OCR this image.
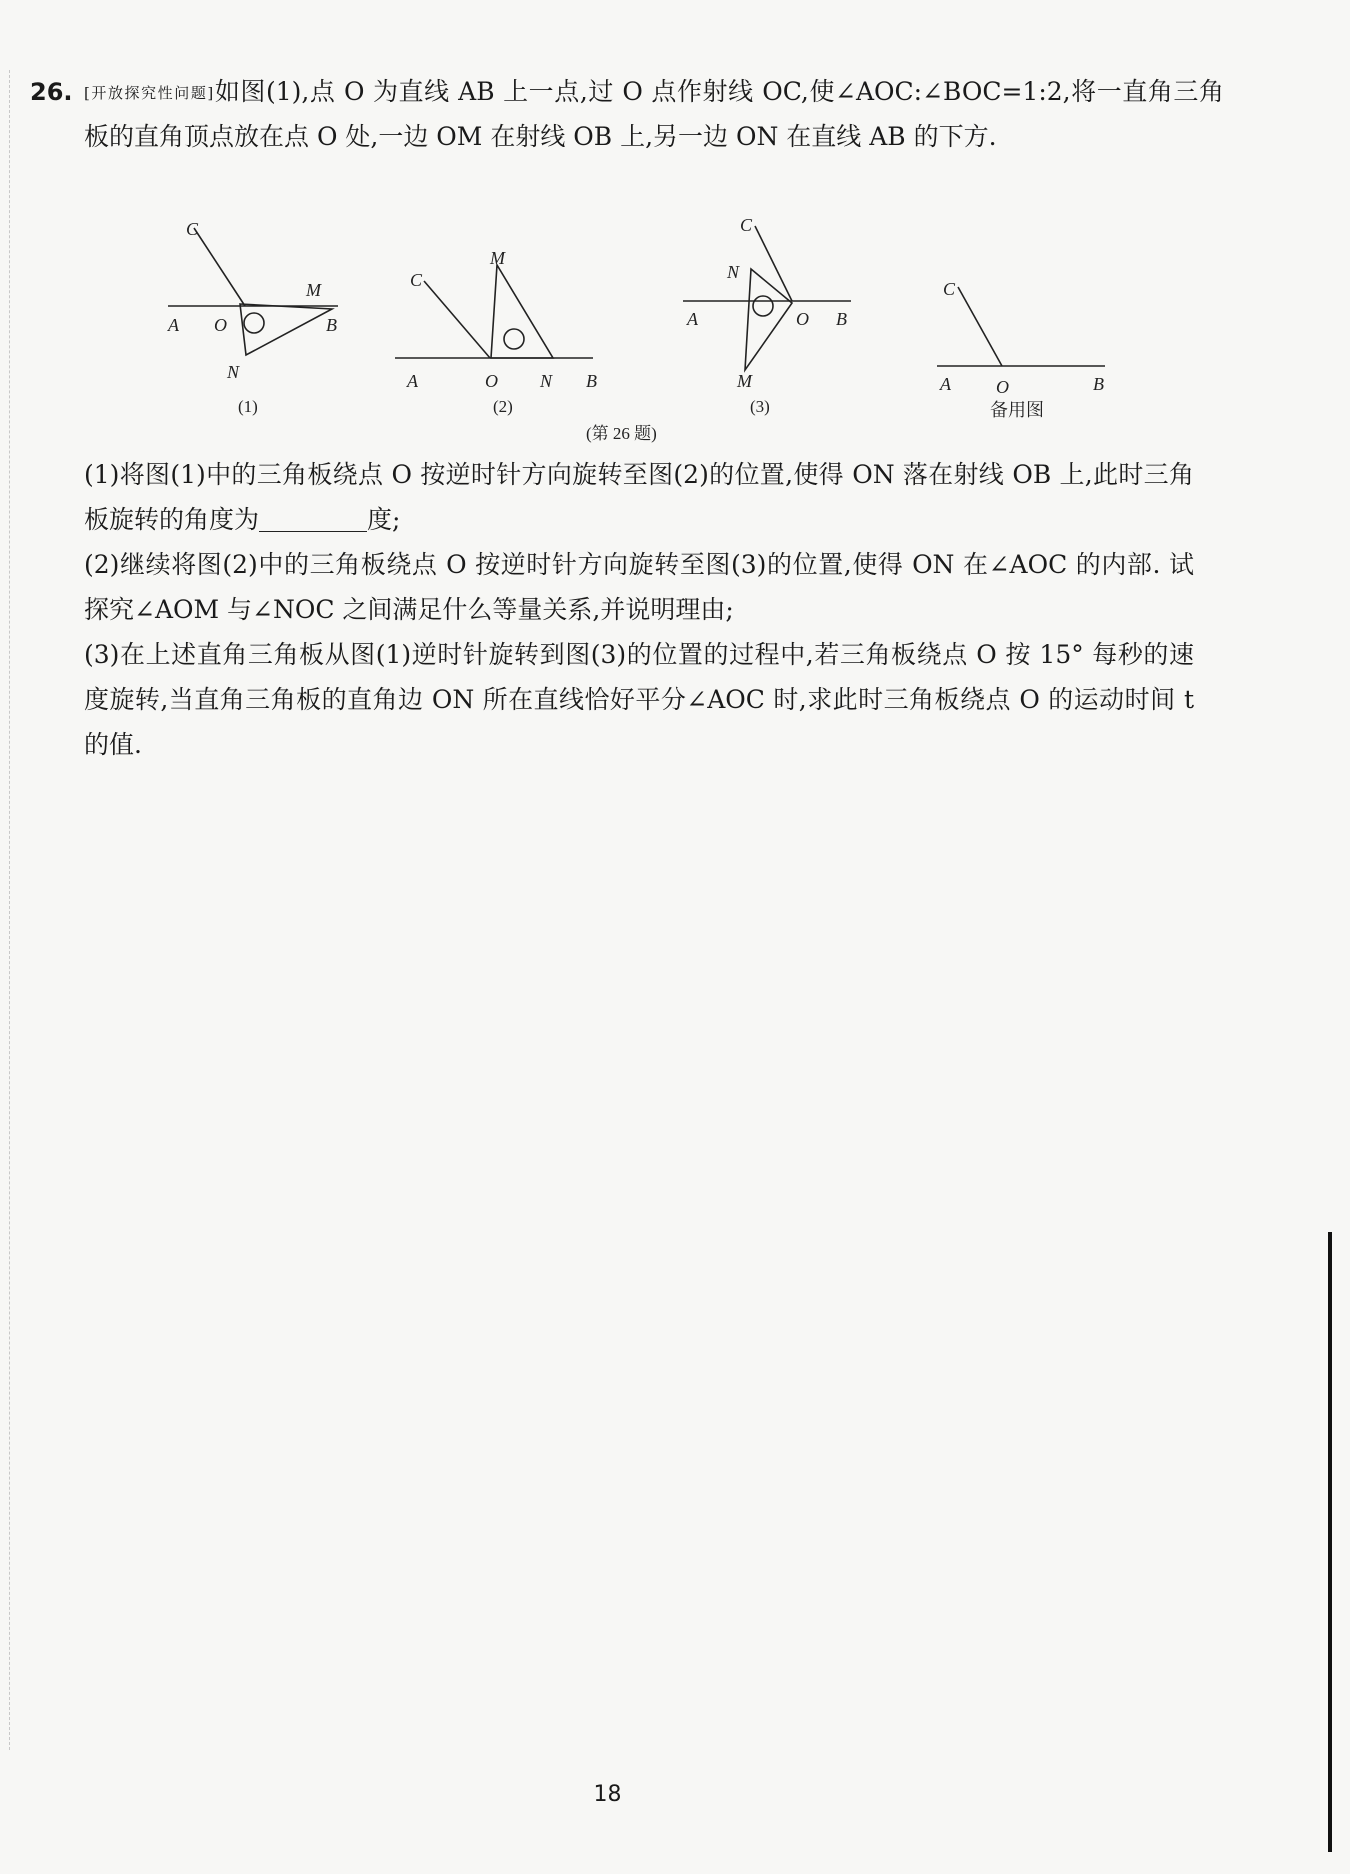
26. [开放探究性问题]如图(1),点 O 为直线 AB 上一点,过 O 点作射线 OC,使∠AOC:∠BOC=1:2,将一直角三角板的直角顶点放在点 O 处,一边 OM 在射线 OB 上,另一边 ON 在直线 AB 的下方.
C
M
A O	B
N
(1)
C
M
A	O N B
(2)
C
N
A	O B
M
(3)
C
A	O	B
备用图
(第 26 题)

(1)将图(1)中的三角板绕点 O 按逆时针方向旋转至图(2)的位置,使得 ON 落在射线 OB 上,此时三角板旋转的角度为	度;

(2)继续将图(2)中的三角板绕点 O 按逆时针方向旋转至图(3)的位置,使得 ON 在∠AOC 的内部. 试探究∠AOM 与∠NOC 之间满足什么等量关系,并说明理由;

(3)在上述直角三角板从图(1)逆时针旋转到图(3)的位置的过程中,若三角板绕点 O 按 15° 每秒的速度旋转,当直角三角板的直角边 ON 所在直线恰好平分∠AOC 时,求此时三角板绕点 O 的运动时间 t 的值.

18
